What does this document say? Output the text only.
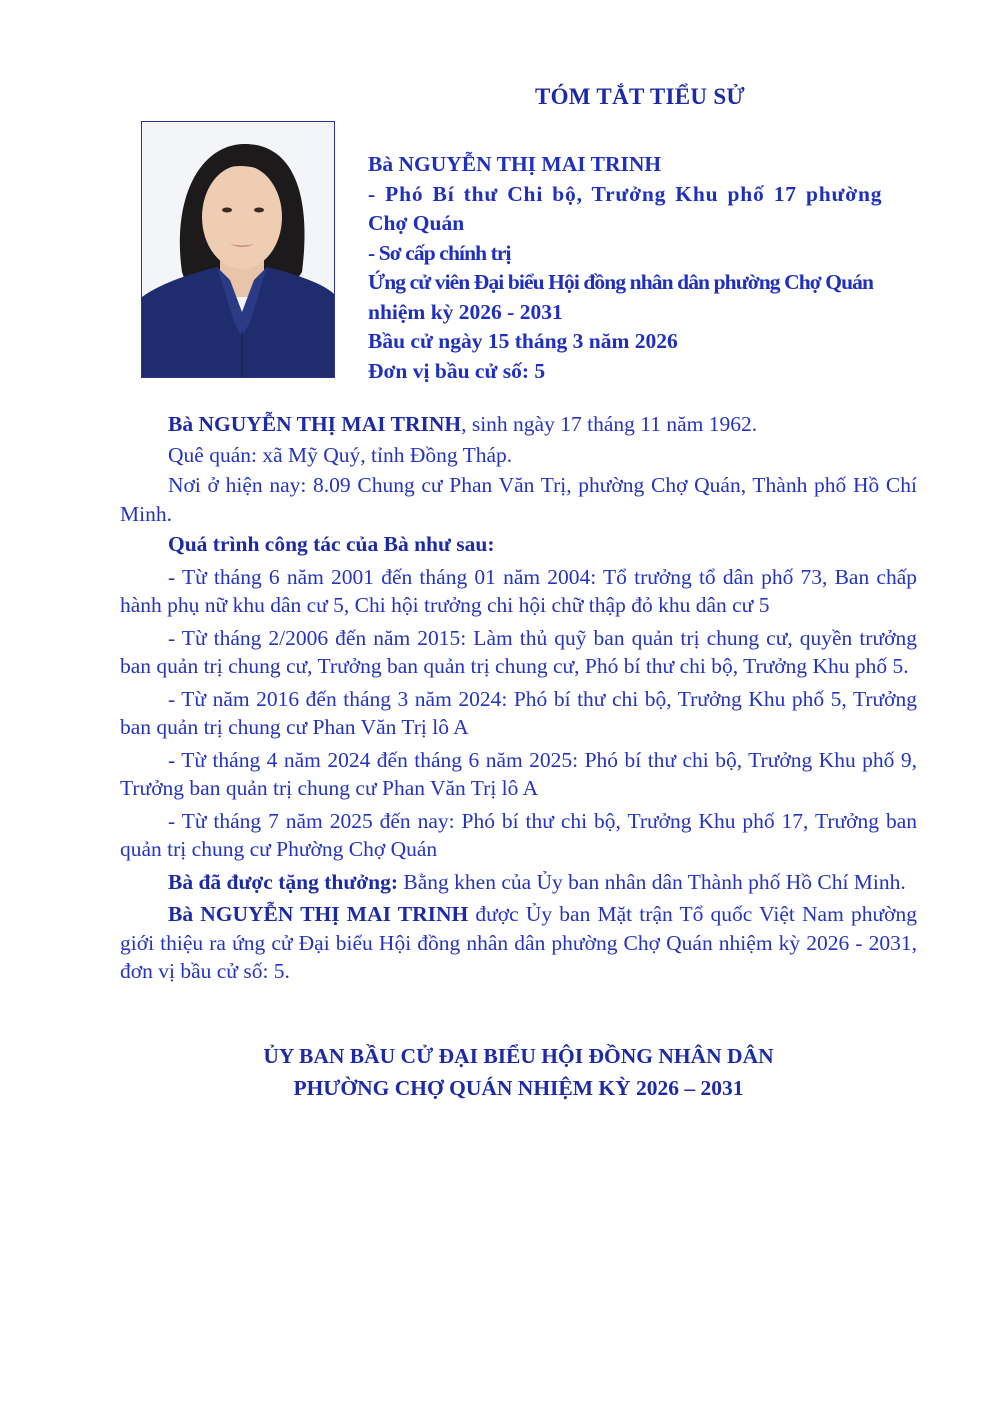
TÓM TẮT TIỂU SỬ
Bà NGUYỄN THỊ MAI TRINH
- Phó Bí thư Chi bộ, Trưởng Khu phố 17 phường
Chợ Quán
- Sơ cấp chính trị
Ứng cử viên Đại biểu Hội đồng nhân dân phường Chợ Quán
nhiệm kỳ 2026 - 2031
Bầu cử ngày 15 tháng 3 năm 2026
Đơn vị bầu cử số: 5

Bà NGUYỄN THỊ MAI TRINH, sinh ngày 17 tháng 11 năm 1962.

Quê quán: xã Mỹ Quý, tỉnh Đồng Tháp.

Nơi ở hiện nay: 8.09 Chung cư Phan Văn Trị, phường Chợ Quán, Thành phố Hồ Chí Minh.

Quá trình công tác của Bà như sau:

- Từ tháng 6 năm 2001 đến tháng 01 năm 2004: Tổ trưởng tổ dân phố 73, Ban chấp hành phụ nữ khu dân cư 5, Chi hội trưởng chi hội chữ thập đỏ khu dân cư 5

- Từ tháng 2/2006 đến năm 2015: Làm thủ quỹ ban quản trị chung cư, quyền trưởng ban quản trị chung cư, Trưởng ban quản trị chung cư, Phó bí thư chi bộ, Trưởng Khu phố 5.

- Từ năm 2016 đến tháng 3 năm 2024: Phó bí thư chi bộ, Trưởng Khu phố 5, Trưởng ban quản trị chung cư Phan Văn Trị lô A

- Từ tháng 4 năm 2024 đến tháng 6 năm 2025: Phó bí thư chi bộ, Trưởng Khu phố 9, Trưởng ban quản trị chung cư Phan Văn Trị lô A

- Từ tháng 7 năm 2025 đến nay: Phó bí thư chi bộ, Trưởng Khu phố 17, Trưởng ban quản trị chung cư Phường Chợ Quán

Bà đã được tặng thưởng: Bằng khen của Ủy ban nhân dân Thành phố Hồ Chí Minh.

Bà NGUYỄN THỊ MAI TRINH được Ủy ban Mặt trận Tổ quốc Việt Nam phường giới thiệu ra ứng cử Đại biểu Hội đồng nhân dân phường Chợ Quán nhiệm kỳ 2026 - 2031, đơn vị bầu cử số: 5.

ỦY BAN BẦU CỬ ĐẠI BIỂU HỘI ĐỒNG NHÂN DÂN
PHƯỜNG CHỢ QUÁN NHIỆM KỲ 2026 – 2031
